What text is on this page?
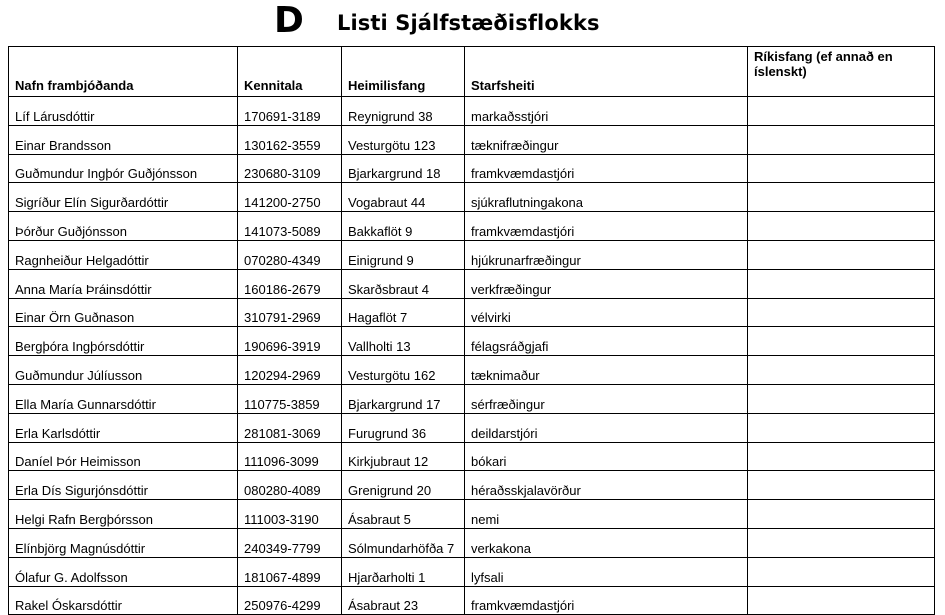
D Listi Sjálfstæðisflokks
Nafn frambjóðanda	Kennitala	Heimilisfang	Starfsheiti	Ríkisfang (ef annað en íslenskt)
Líf Lárusdóttir	170691-3189	Reynigrund 38	markaðsstjóri	
Einar Brandsson	130162-3559	Vesturgötu 123	tæknifræðingur	
Guðmundur Ingþór Guðjónsson	230680-3109	Bjarkargrund 18	framkvæmdastjóri	
Sigríður Elín Sigurðardóttir	141200-2750	Vogabraut 44	sjúkraflutningakona	
Þórður Guðjónsson	141073-5089	Bakkaflöt 9	framkvæmdastjóri	
Ragnheiður Helgadóttir	070280-4349	Einigrund 9	hjúkrunarfræðingur	
Anna María Þráinsdóttir	160186-2679	Skarðsbraut 4	verkfræðingur	
Einar Örn Guðnason	310791-2969	Hagaflöt 7	vélvirki	
Bergþóra Ingþórsdóttir	190696-3919	Vallholti 13	félagsráðgjafi	
Guðmundur Júlíusson	120294-2969	Vesturgötu 162	tæknimaður	
Ella María Gunnarsdóttir	110775-3859	Bjarkargrund 17	sérfræðingur	
Erla Karlsdóttir	281081-3069	Furugrund 36	deildarstjóri	
Daníel Þór Heimisson	111096-3099	Kirkjubraut 12	bókari	
Erla Dís Sigurjónsdóttir	080280-4089	Grenigrund 20	héraðsskjalavörður	
Helgi Rafn Bergþórsson	111003-3190	Ásabraut 5	nemi	
Elínbjörg Magnúsdóttir	240349-7799	Sólmundarhöfða 7	verkakona	
Ólafur G. Adolfsson	181067-4899	Hjarðarholti 1	lyfsali	
Rakel Óskarsdóttir	250976-4299	Ásabraut 23	framkvæmdastjóri	
